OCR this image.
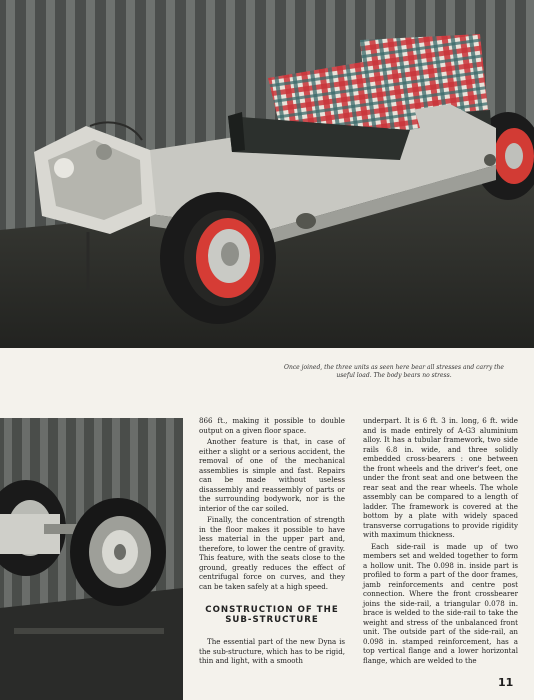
Once joined, the three units as seen here bear all stresses and carry the useful load. The body bears no stress.

866 ft., making it possible to double output on a given floor space.

Another feature is that, in case of either a slight or a serious accident, the removal of one of the mechanical assemblies is simple and fast. Repairs can be made without useless disassembly and reassembly of parts or the surrounding bodywork, nor is the interior of the car soiled.

Finally, the concentration of strength in the floor makes it possible to have less material in the upper part and, therefore, to lower the centre of gravity. This feature, with the seats close to the ground, greatly reduces the effect of centrifugal force on curves, and they can be taken safely at a high speed.

CONSTRUCTION OF THE SUB-STRUCTURE

The essential part of the new Dyna is the sub-structure, which has to be rigid, thin and light, with a smooth

underpart. It is 6 ft. 3 in. long, 6 ft. wide and is made entirely of A-G3 aluminium alloy. It has a tubular framework, two side rails 6.8 in. wide, and three solidly embedded cross-bearers : one between the front wheels and the driver's feet, one under the front seat and one between the rear seat and the rear wheels. The whole assembly can be compared to a length of ladder. The framework is covered at the bottom by a plate with widely spaced transverse corrugations to provide rigidity with maximum thickness.

Each side-rail is made up of two members set and welded together to form a hollow unit. The 0.098 in. inside part is profiled to form a part of the door frames, jamb reinforcements and centre post connection. Where the front crossbearer joins the side-rail, a triangular 0.078 in. brace is welded to the side-rail to take the weight and stress of the unbalanced front unit. The outside part of the side-rail, an 0.098 in. stamped reinforcement, has a top vertical flange and a lower horizontal flange, which are welded to the

11
